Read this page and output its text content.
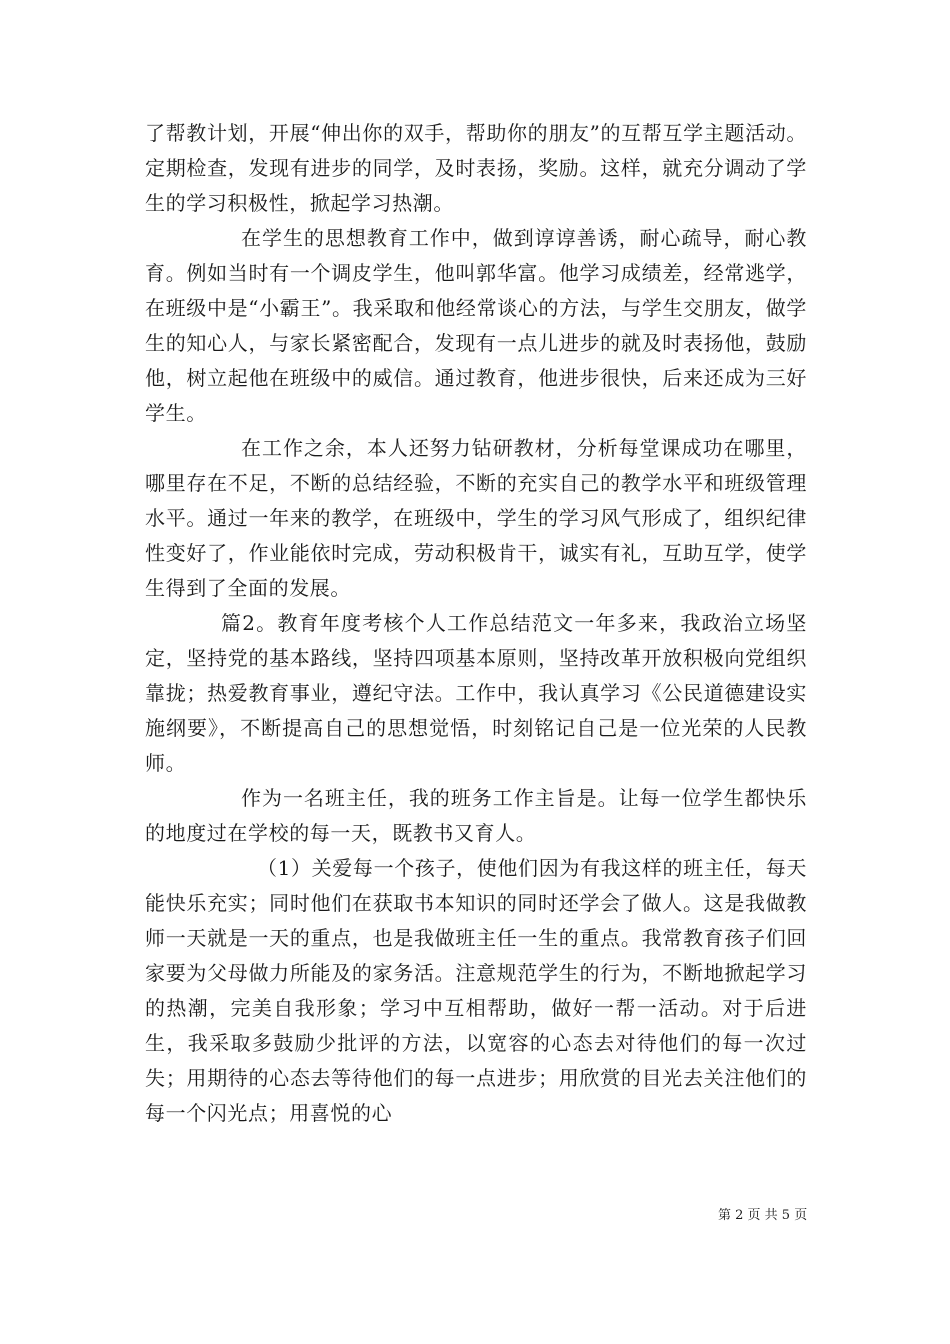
了帮教计划，开展“伸出你的双手，帮助你的朋友”的互帮互学主题活动。定期检查，发现有进步的同学，及时表扬，奖励。这样，就充分调动了学生的学习积极性，掀起学习热潮。

在学生的思想教育工作中，做到谆谆善诱，耐心疏导，耐心教育。例如当时有一个调皮学生，他叫郭华富。他学习成绩差，经常逃学，在班级中是“小霸王”。我采取和他经常谈心的方法，与学生交朋友，做学生的知心人，与家长紧密配合，发现有一点儿进步的就及时表扬他，鼓励他，树立起他在班级中的威信。通过教育，他进步很快，后来还成为三好学生。

在工作之余，本人还努力钻研教材，分析每堂课成功在哪里，哪里存在不足，不断的总结经验，不断的充实自己的教学水平和班级管理水平。通过一年来的教学，在班级中，学生的学习风气形成了，组织纪律性变好了，作业能依时完成，劳动积极肯干，诚实有礼，互助互学，使学生得到了全面的发展。

篇2。教育年度考核个人工作总结范文一年多来，我政治立场坚定，坚持党的基本路线，坚持四项基本原则，坚持改革开放积极向党组织靠拢；热爱教育事业，遵纪守法。工作中，我认真学习《公民道德建设实施纲要》，不断提高自己的思想觉悟，时刻铭记自己是一位光荣的人民教师。

作为一名班主任，我的班务工作主旨是。让每一位学生都快乐的地度过在学校的每一天，既教书又育人。

（1）关爱每一个孩子，使他们因为有我这样的班主任，每天能快乐充实；同时他们在获取书本知识的同时还学会了做人。这是我做教师一天就是一天的重点，也是我做班主任一生的重点。我常教育孩子们回家要为父母做力所能及的家务活。注意规范学生的行为，不断地掀起学习的热潮，完美自我形象；学习中互相帮助，做好一帮一活动。对于后进生，我采取多鼓励少批评的方法，以宽容的心态去对待他们的每一次过失；用期待的心态去等待他们的每一点进步；用欣赏的目光去关注他们的每一个闪光点；用喜悦的心

第 2 页 共 5 页
